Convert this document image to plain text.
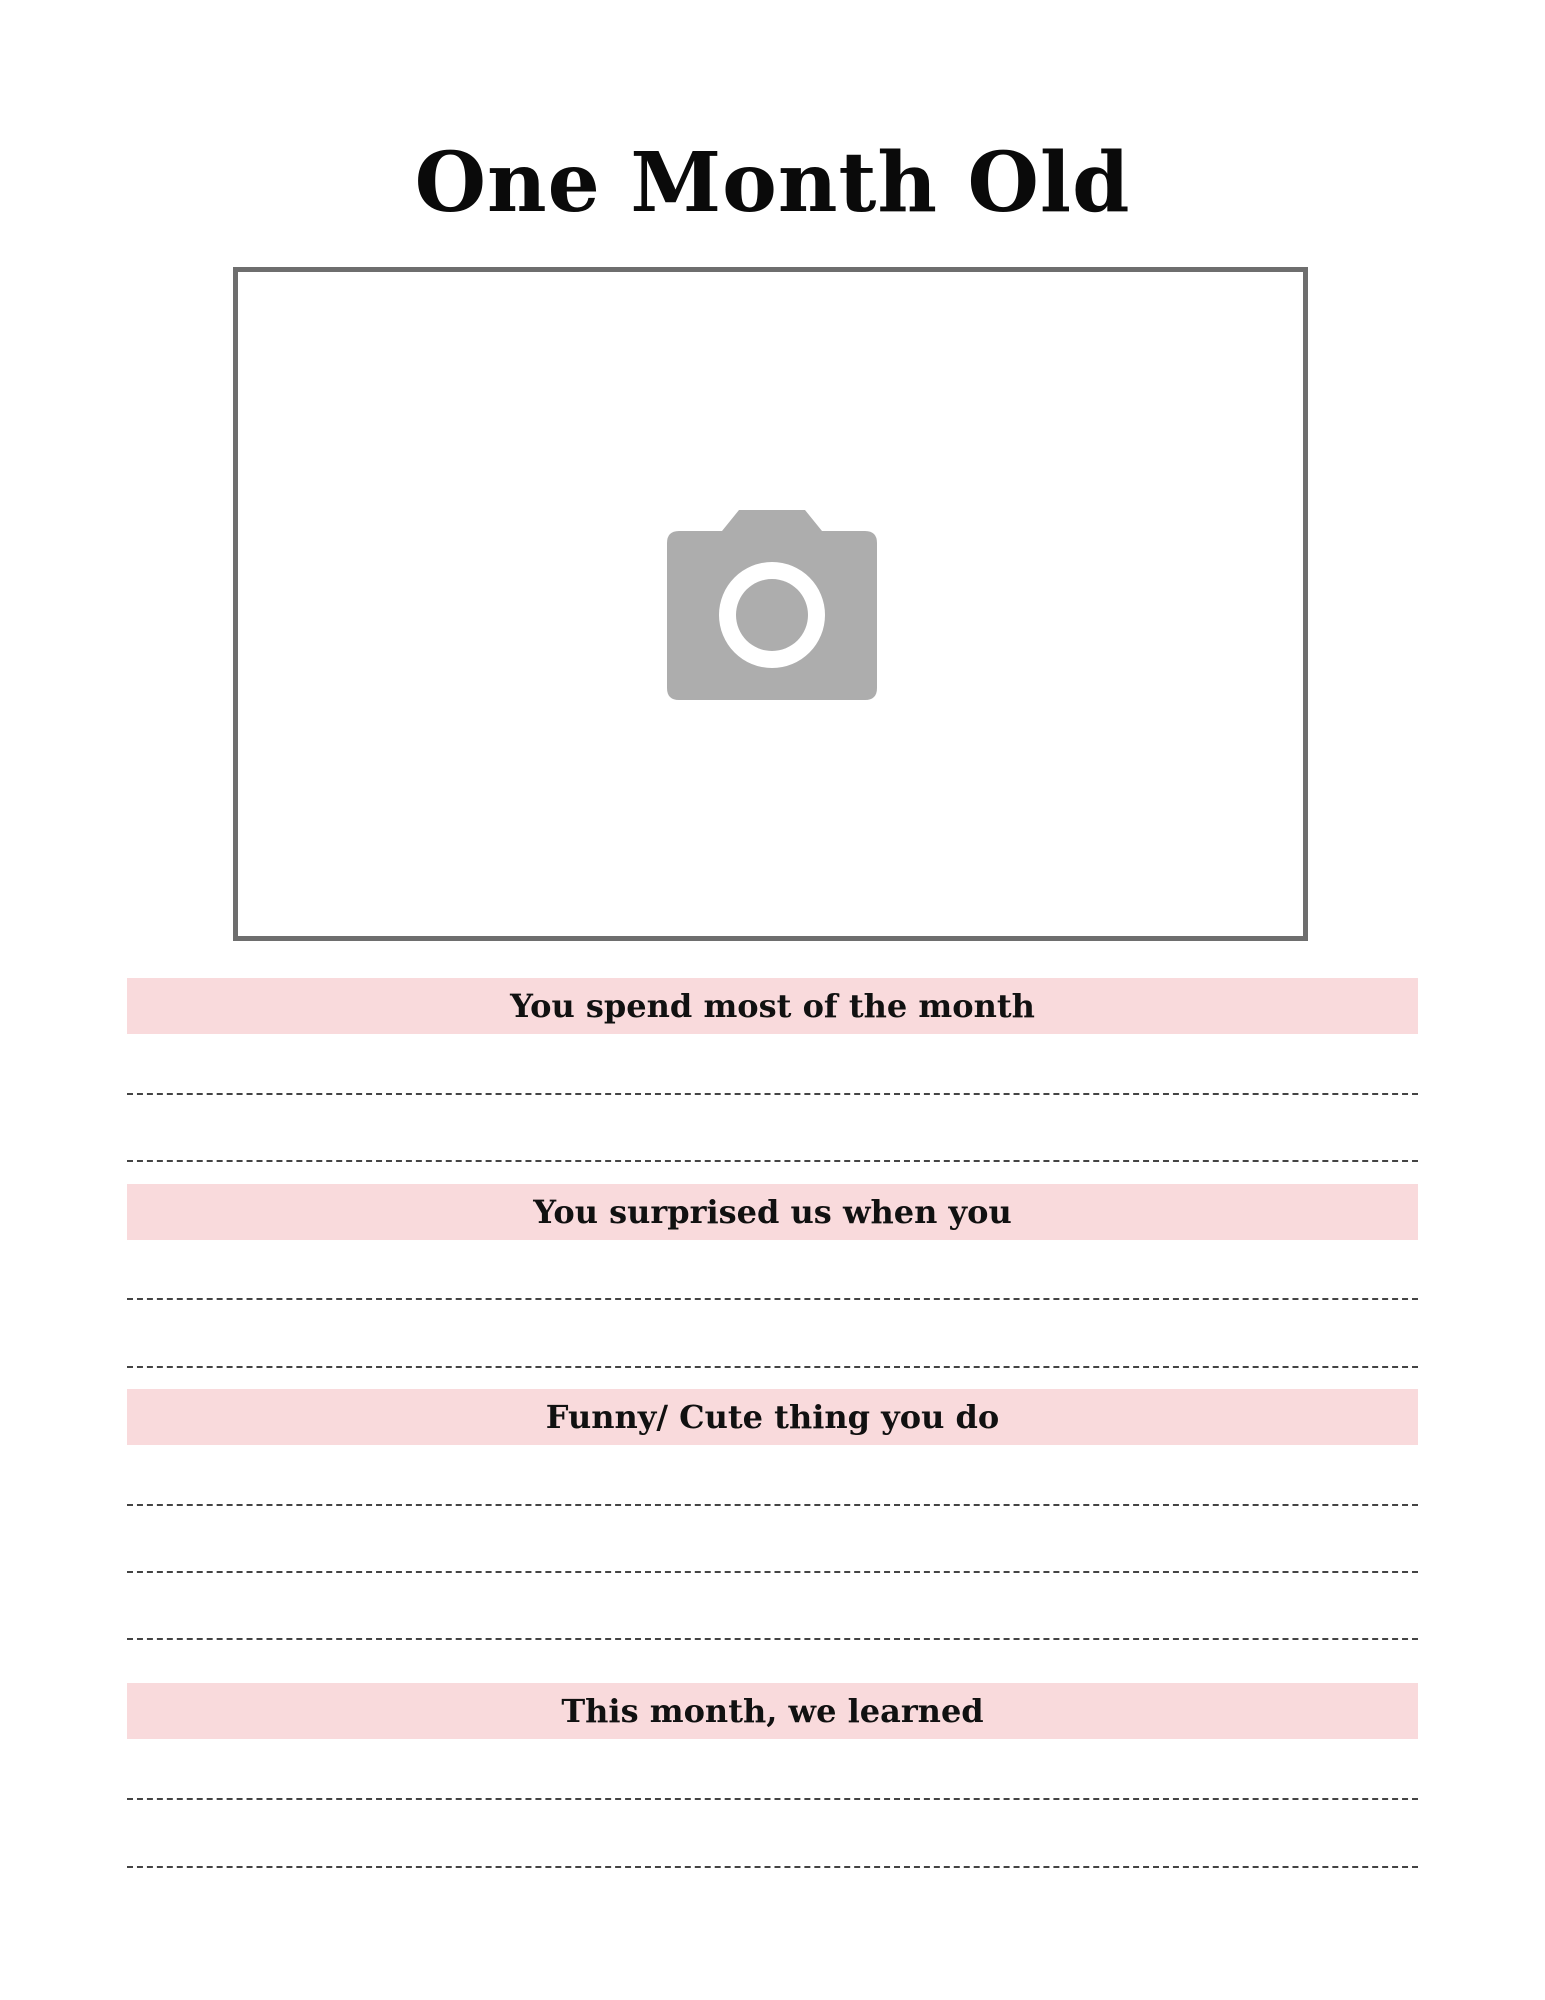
One Month Old
You spend most of the month
You surprised us when you
Funny/ Cute thing you do
This month, we learned
